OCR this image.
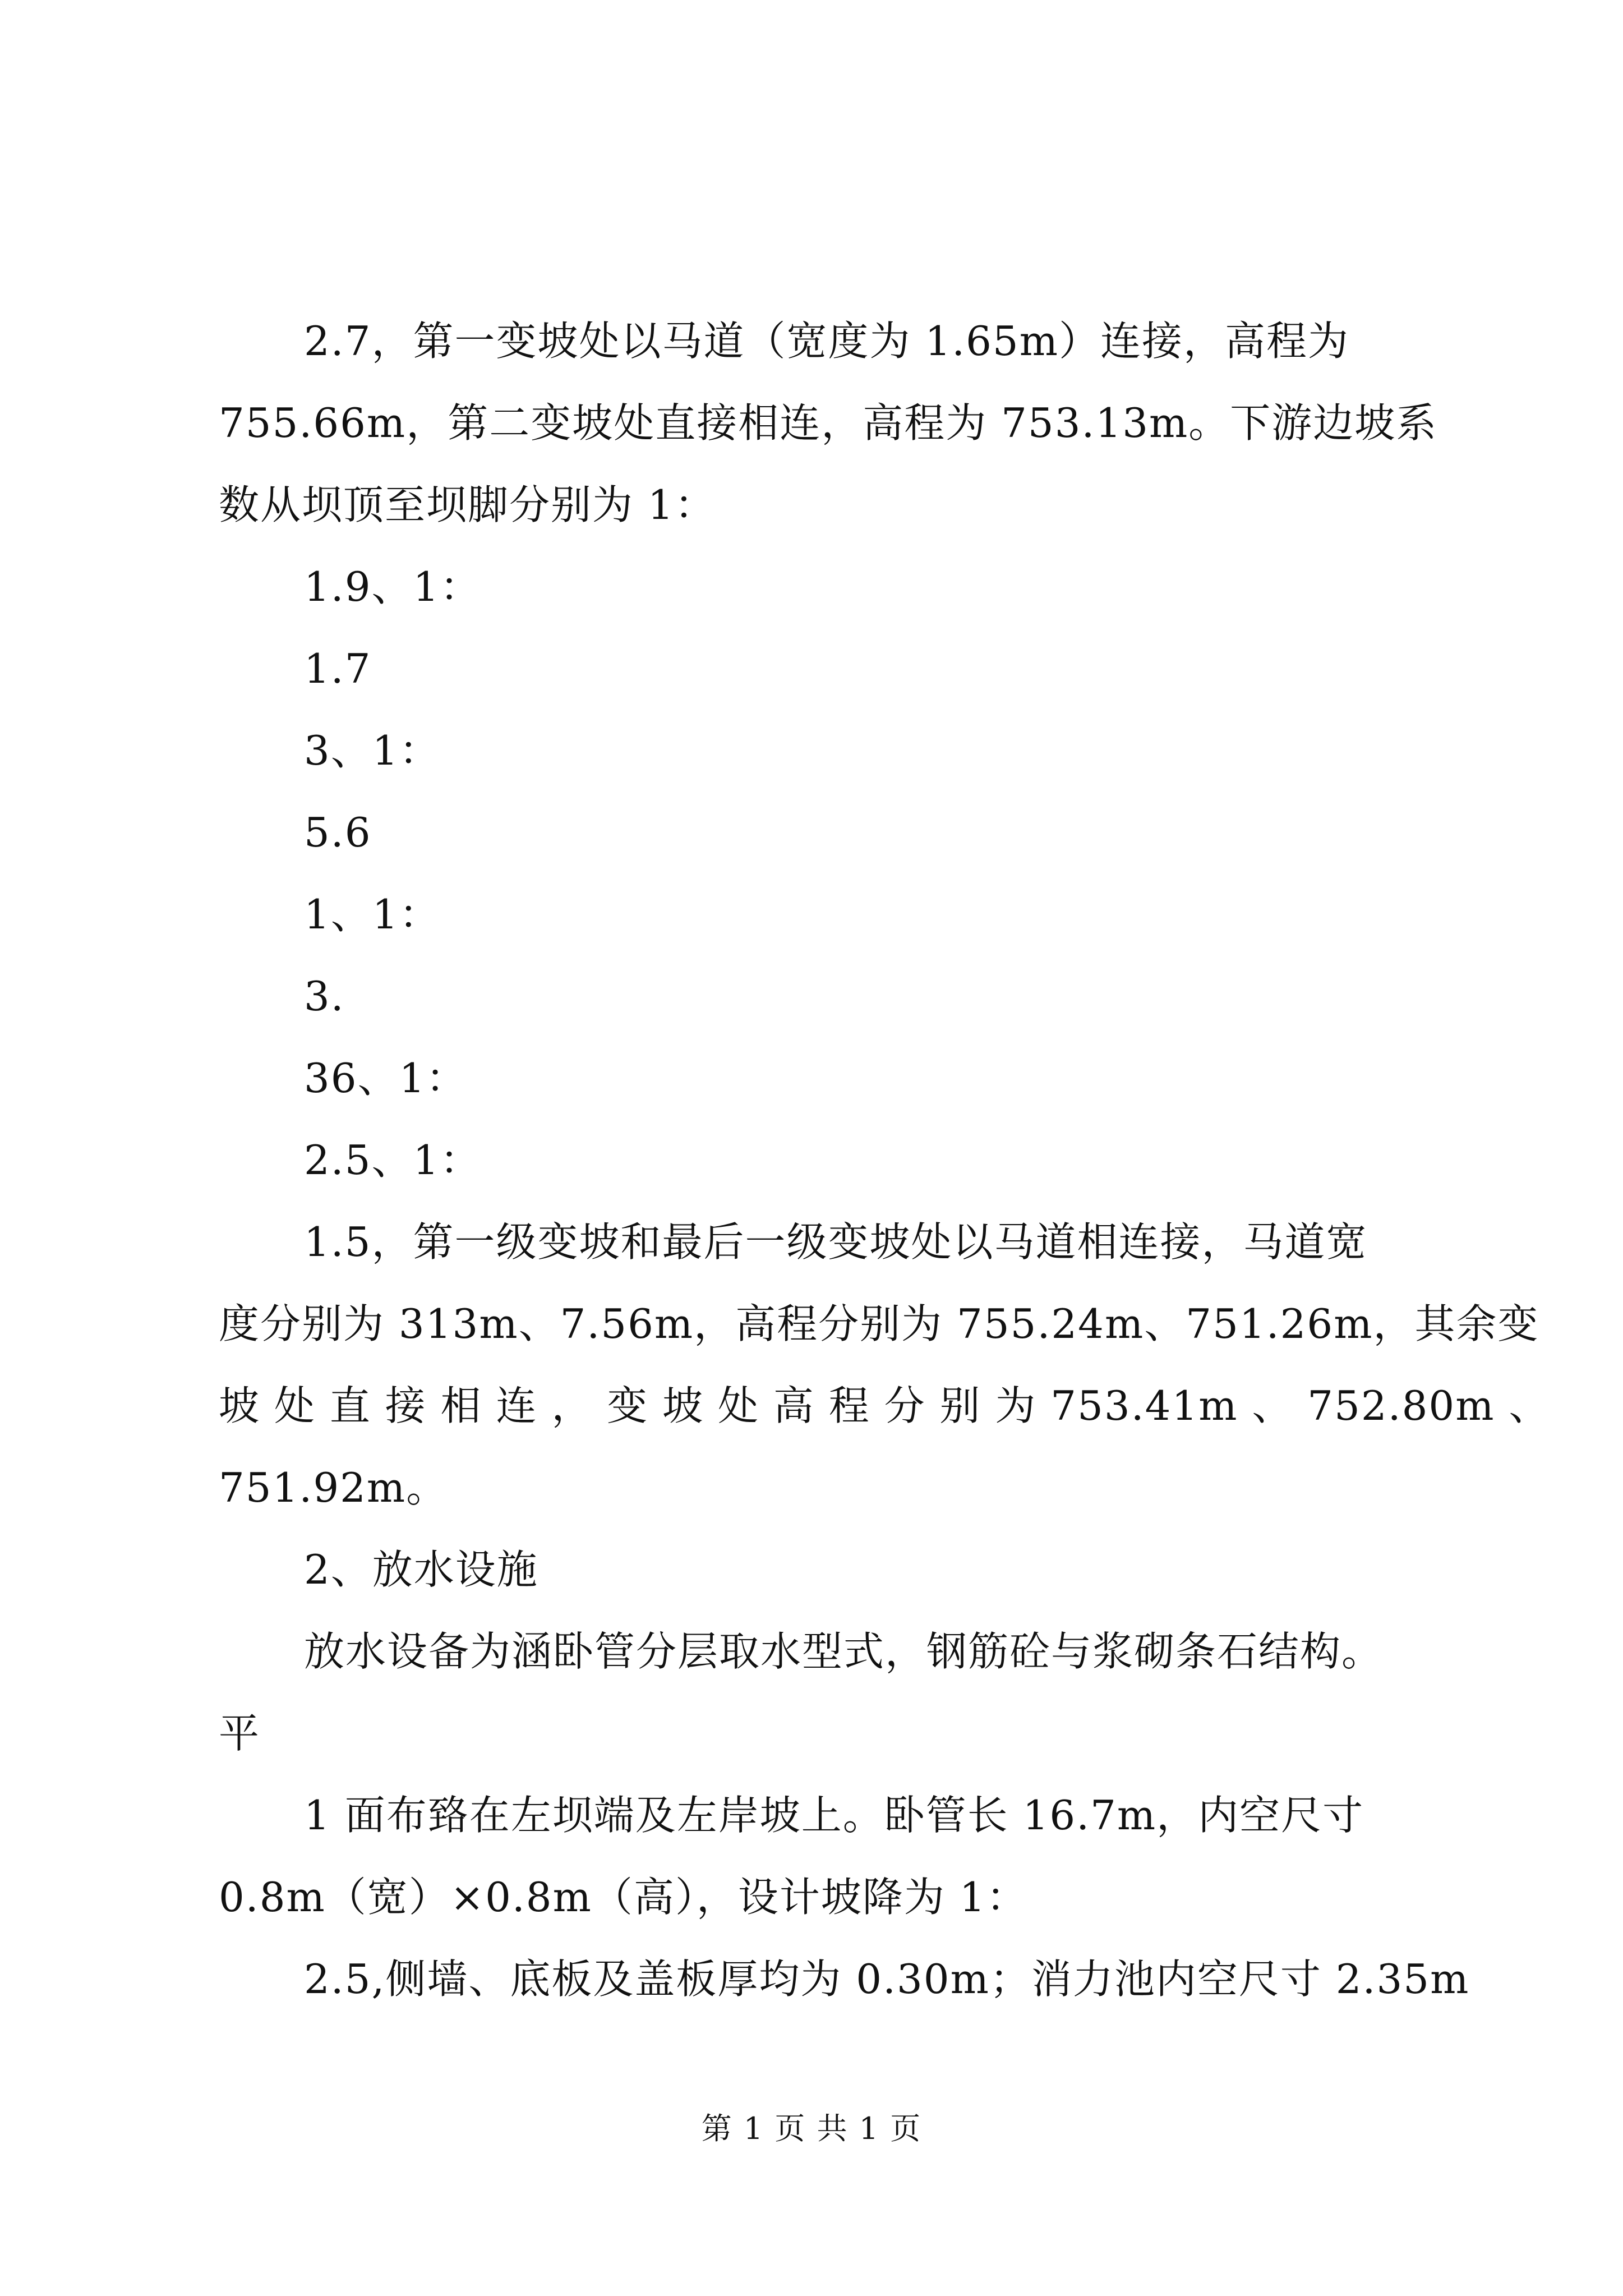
2.7，第一变坡处以马道（宽度为 1.65m）连接，高程为

755.66m，第二变坡处直接相连，高程为 753.13m。下游边坡系

数从坝顶至坝脚分别为 1：

1.9、1：

1.7

3、1：

5.6

1、1：

3.

36、1：

2.5、1：

1.5，第一级变坡和最后一级变坡处以马道相连接，马道宽

度分别为 313m、7.56m，高程分别为 755.24m、751.26m，其余变

坡 处 直 接 相 连 ， 变 坡 处 高 程 分 别 为 753.41m 、 752.80m 、

751.92m。

2、放水设施

放水设备为涵卧管分层取水型式，钢筋砼与浆砌条石结构。

平

1 面布臵在左坝端及左岸坡上。卧管长 16.7m，内空尺寸

0.8m（宽）×0.8m（高），设计坡降为 1：

2.5,侧墙、底板及盖板厚均为 0.30m；消力池内空尺寸 2.35m

第 1 页 共 1 页
